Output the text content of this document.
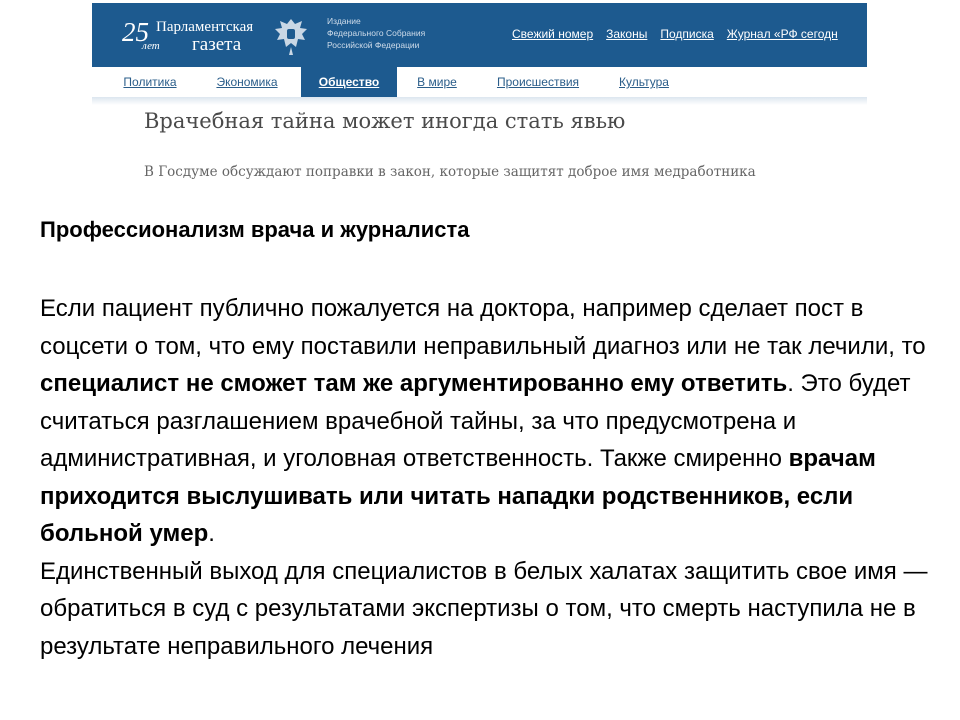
25
лет
Парламентская
газета
Издание
Федерального Собрания
Российской Федерации
Свежий номер Законы Подписка Журнал «РФ сегодн
Политика	Экономика	Общество	В мире	Происшествия	Культура
Врачебная тайна может иногда стать явью
В Госдуме обсуждают поправки в закон, которые защитят доброе имя медработника
Профессионализм врача и журналиста

Если пациент публично пожалуется на доктора, например сделает пост в соцсети о том, что ему поставили неправильный диагноз или не так лечили, то специалист не сможет там же аргументированно ему ответить. Это будет считаться разглашением врачебной тайны, за что предусмотрена и административная, и уголовная ответственность. Также смиренно врачам приходится выслушивать или читать нападки родственников, если больной умер.

Единственный выход для специалистов в белых халатах защитить свое имя — обратиться в суд с результатами экспертизы о том, что смерть наступила не в результате неправильного лечения
